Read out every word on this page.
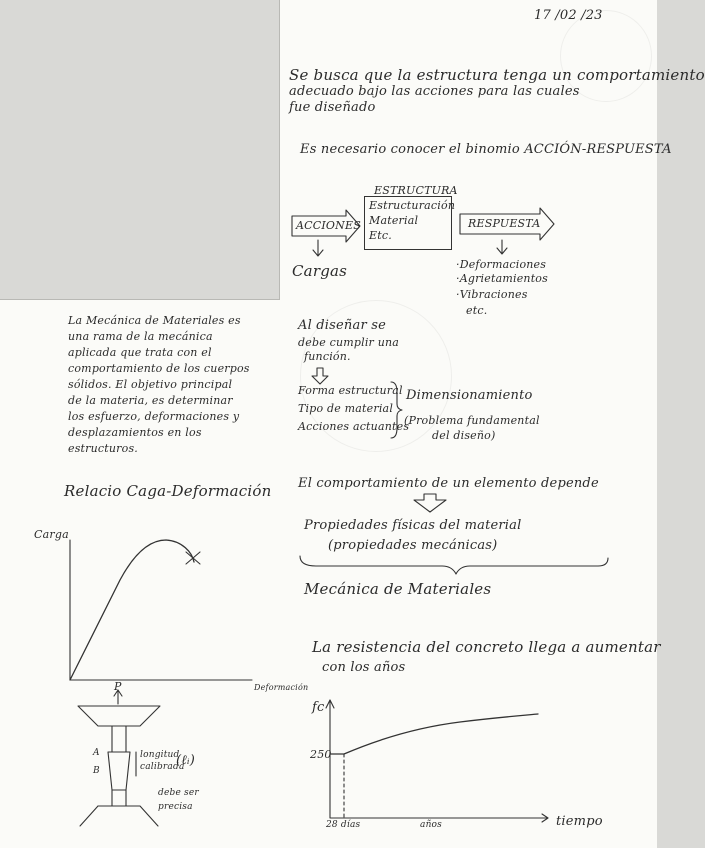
17 /02 /23
Se busca que la estructura tenga un comportamiento
adecuado bajo las acciones para las cuales
fue diseñado
Es necesario conocer el binomio ACCIÓN-RESPUESTA
ACCIONES
ESTRUCTURA
Estructuración
Material
Etc.
RESPUESTA
Cargas	·Deformaciones
·Agrietamientos
·Vibraciones
etc.
Al diseñar se
debe cumplir una
función.
Forma estructural
Tipo de material
Acciones actuantes
Dimensionamiento
(Problema fundamental
del diseño)
El comportamiento de un elemento depende
Propiedades físicas del material
(propiedades mecánicas)
Mecánica de Materiales
La resistencia del concreto llega a aumentar
con los años
fc
250
28 días	años	tiempo
La Mecánica de Materiales es
una rama de la mecánica
aplicada que trata con el
comportamiento de los cuerpos
sólidos. El objetivo principal
de la materia, es determinar
los esfuerzo, deformaciones y
desplazamientos en los
estructuros.
Relacio Caga-Deformación
Carga
Deformación
P
A
B
longitud
calibrada
(ℓᵢ)
debe ser
precisa
